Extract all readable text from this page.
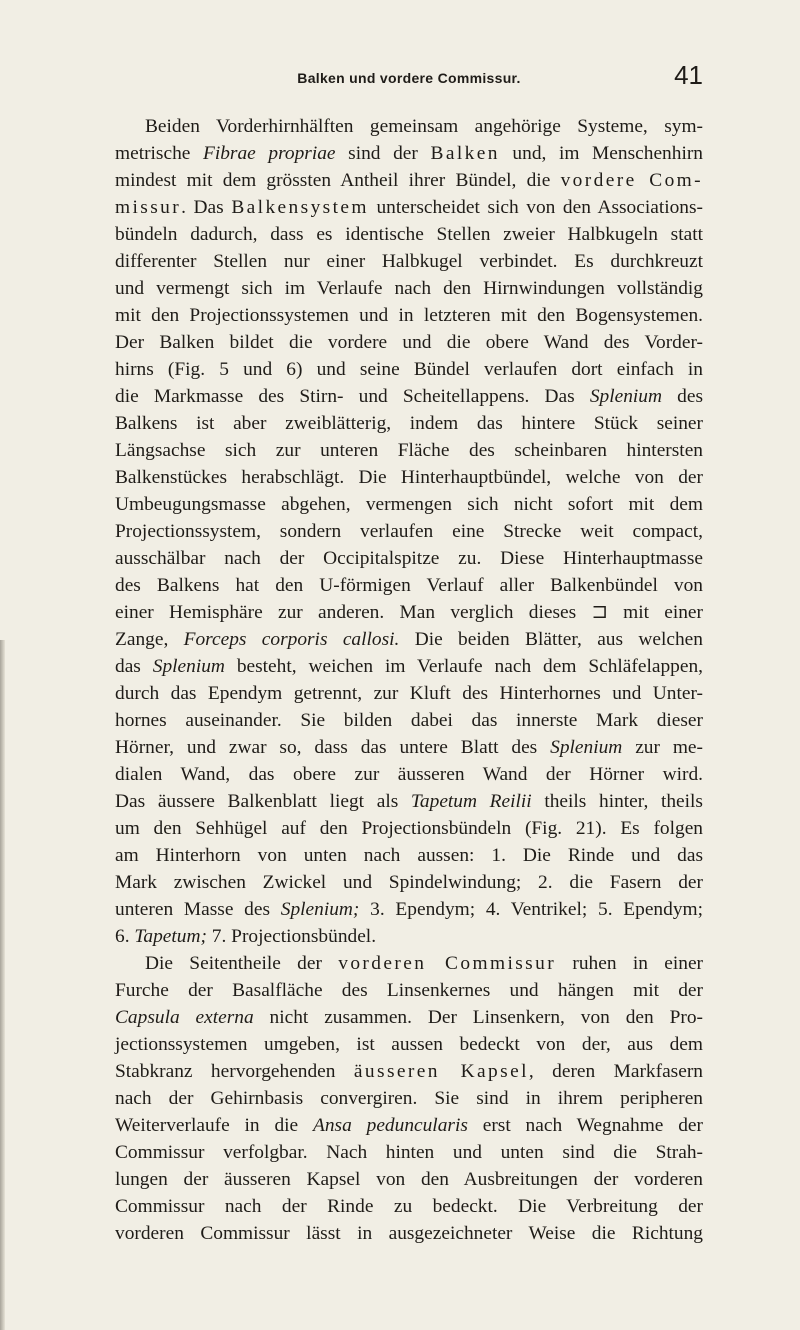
Balken und vordere Commissur.	41
Beiden Vorderhirnhälften gemeinsam angehörige Systeme, sym-
metrische Fibrae propriae sind der Balken und, im Menschenhirn
mindest mit dem grössten Antheil ihrer Bündel, die vordere Com-
missur. Das Balkensystem unterscheidet sich von den Associations-
bündeln dadurch, dass es identische Stellen zweier Halbkugeln statt
differenter Stellen nur einer Halbkugel verbindet. Es durchkreuzt
und vermengt sich im Verlaufe nach den Hirnwindungen vollständig
mit den Projectionssystemen und in letzteren mit den Bogensystemen.
Der Balken bildet die vordere und die obere Wand des Vorder-
hirns (Fig. 5 und 6) und seine Bündel verlaufen dort einfach in
die Markmasse des Stirn- und Scheitellappens. Das Splenium des
Balkens ist aber zweiblätterig, indem das hintere Stück seiner
Längsachse sich zur unteren Fläche des scheinbaren hintersten
Balkenstückes herabschlägt. Die Hinterhauptbündel, welche von der
Umbeugungsmasse abgehen, vermengen sich nicht sofort mit dem
Projectionssystem, sondern verlaufen eine Strecke weit compact,
ausschälbar nach der Occipitalspitze zu. Diese Hinterhauptmasse
des Balkens hat den U-förmigen Verlauf aller Balkenbündel von
einer Hemisphäre zur anderen. Man verglich dieses ⊐ mit einer
Zange, Forceps corporis callosi. Die beiden Blätter, aus welchen
das Splenium besteht, weichen im Verlaufe nach dem Schläfelappen,
durch das Ependym getrennt, zur Kluft des Hinterhornes und Unter-
hornes auseinander. Sie bilden dabei das innerste Mark dieser
Hörner, und zwar so, dass das untere Blatt des Splenium zur me-
dialen Wand, das obere zur äusseren Wand der Hörner wird.
Das äussere Balkenblatt liegt als Tapetum Reilii theils hinter, theils
um den Sehhügel auf den Projectionsbündeln (Fig. 21). Es folgen
am Hinterhorn von unten nach aussen: 1. Die Rinde und das
Mark zwischen Zwickel und Spindelwindung; 2. die Fasern der
unteren Masse des Splenium; 3. Ependym; 4. Ventrikel; 5. Ependym;
6. Tapetum; 7. Projectionsbündel.
Die Seitentheile der vorderen Commissur ruhen in einer
Furche der Basalfläche des Linsenkernes und hängen mit der
Capsula externa nicht zusammen. Der Linsenkern, von den Pro-
jectionssystemen umgeben, ist aussen bedeckt von der, aus dem
Stabkranz hervorgehenden äusseren Kapsel, deren Markfasern
nach der Gehirnbasis convergiren. Sie sind in ihrem peripheren
Weiterverlaufe in die Ansa peduncularis erst nach Wegnahme der
Commissur verfolgbar. Nach hinten und unten sind die Strah-
lungen der äusseren Kapsel von den Ausbreitungen der vorderen
Commissur nach der Rinde zu bedeckt. Die Verbreitung der
vorderen Commissur lässt in ausgezeichneter Weise die Richtung
